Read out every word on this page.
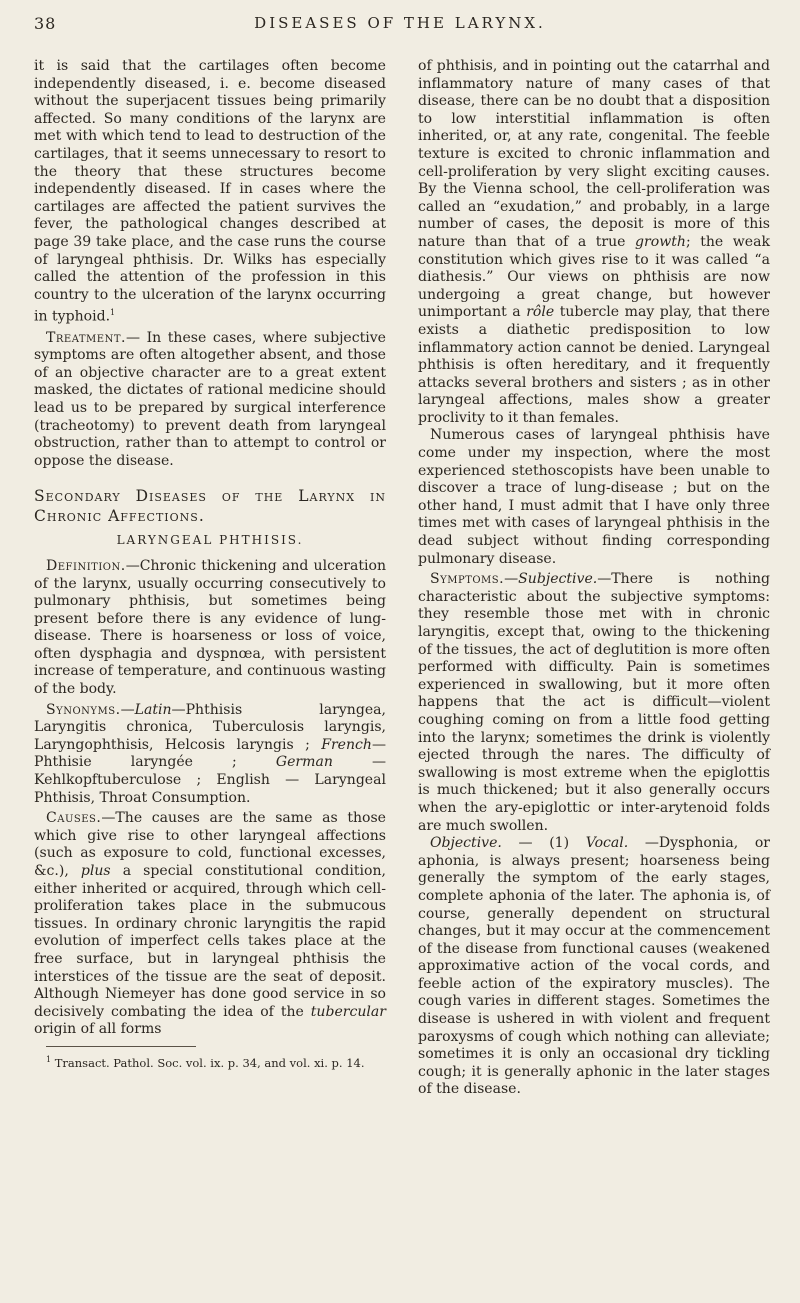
38	DISEASES OF THE LARYNX.

it is said that the cartilages often become independently diseased, i. e. become diseased without the superjacent tissues being primarily affected. So many conditions of the larynx are met with which tend to lead to destruction of the cartilages, that it seems unnecessary to resort to the theory that these structures become independently diseased. If in cases where the cartilages are affected the patient survives the fever, the pathological changes described at page 39 take place, and the case runs the course of laryngeal phthisis. Dr. Wilks has especially called the attention of the profession in this country to the ulceration of the larynx occurring in typhoid.$^1$

Treatment.— In these cases, where subjective symptoms are often altogether absent, and those of an objective character are to a great extent masked, the dictates of rational medicine should lead us to be prepared by surgical interference (tracheotomy) to prevent death from laryngeal obstruction, rather than to attempt to control or oppose the disease.

Secondary Diseases of the Larynx in Chronic Affections.
LARYNGEAL PHTHISIS.

Definition.—Chronic thickening and ulceration of the larynx, usually occurring consecutively to pulmonary phthisis, but sometimes being present before there is any evidence of lung-disease. There is hoarseness or loss of voice, often dysphagia and dyspnœa, with persistent increase of temperature, and continuous wasting of the body.

Synonyms.—Latin—Phthisis laryngea, Laryngitis chronica, Tuberculosis laryngis, Laryngophthisis, Helcosis laryngis ; French— Phthisie laryngée ;	German — Kehlkopftuberculose ; English — Laryngeal Phthisis, Throat Consumption.

Causes.—The causes are the same as those which give rise to other laryngeal affections (such as exposure to cold, functional excesses, &c.), plus a special constitutional condition, either inherited or acquired, through which cell-proliferation takes place in the submucous tissues. In ordinary chronic laryngitis the rapid evolution of imperfect cells takes place at the free surface, but in laryngeal phthisis the interstices of the tissue are the seat of deposit. Although Niemeyer has done good service in so decisively combating the idea of the tubercular origin of all forms

$^1$ Transact. Pathol. Soc. vol. ix. p. 34, and vol. xi. p. 14.

of phthisis, and in pointing out the catarrhal and inflammatory nature of many cases of that disease, there can be no doubt that a disposition to low interstitial inflammation is often inherited, or, at any rate, congenital. The feeble texture is excited to chronic inflammation and cell-proliferation by very slight exciting causes. By the Vienna school, the cell-proliferation was called an “exudation,” and probably, in a large number of cases, the deposit is more of this nature than that of a true growth; the weak constitution which gives rise to it was called “a diathesis.” Our views on phthisis are now undergoing a great change, but however unimportant a rôle tubercle may play, that there exists a diathetic predisposition to low inflammatory action cannot be denied. Laryngeal phthisis is often hereditary, and it frequently attacks several brothers and sisters ; as in other laryngeal affections, males show a greater proclivity to it than females.

Numerous cases of laryngeal phthisis have come under my inspection, where the most experienced stethoscopists have been unable to discover a trace of lung-disease ; but on the other hand, I must admit that I have only three times met with cases of laryngeal phthisis in the dead subject without finding corresponding pulmonary disease.

Symptoms.—Subjective.—There is nothing characteristic about the subjective symptoms: they resemble those met with in chronic laryngitis, except that, owing to the thickening of the tissues, the act of deglutition is more often performed with difficulty. Pain is sometimes experienced in swallowing, but it more often happens that the act is difficult—violent coughing coming on from a little food getting into the larynx; sometimes the drink is violently ejected through the nares. The difficulty of swallowing is most extreme when the epiglottis is much thickened; but it also generally occurs when the ary-epiglottic or inter-arytenoid folds are much swollen.

Objective. — (1) Vocal. —Dysphonia, or aphonia, is always present; hoarseness being generally the symptom of the early stages, complete aphonia of the later. The aphonia is, of course, generally dependent on structural changes, but it may occur at the commencement of the disease from functional causes (weakened approximative action of the vocal cords, and feeble action of the expiratory muscles). The cough varies in different stages. Sometimes the disease is ushered in with violent and frequent paroxysms of cough which nothing can alleviate; sometimes it is only an occasional dry tickling cough; it is generally aphonic in the later stages of the disease.
